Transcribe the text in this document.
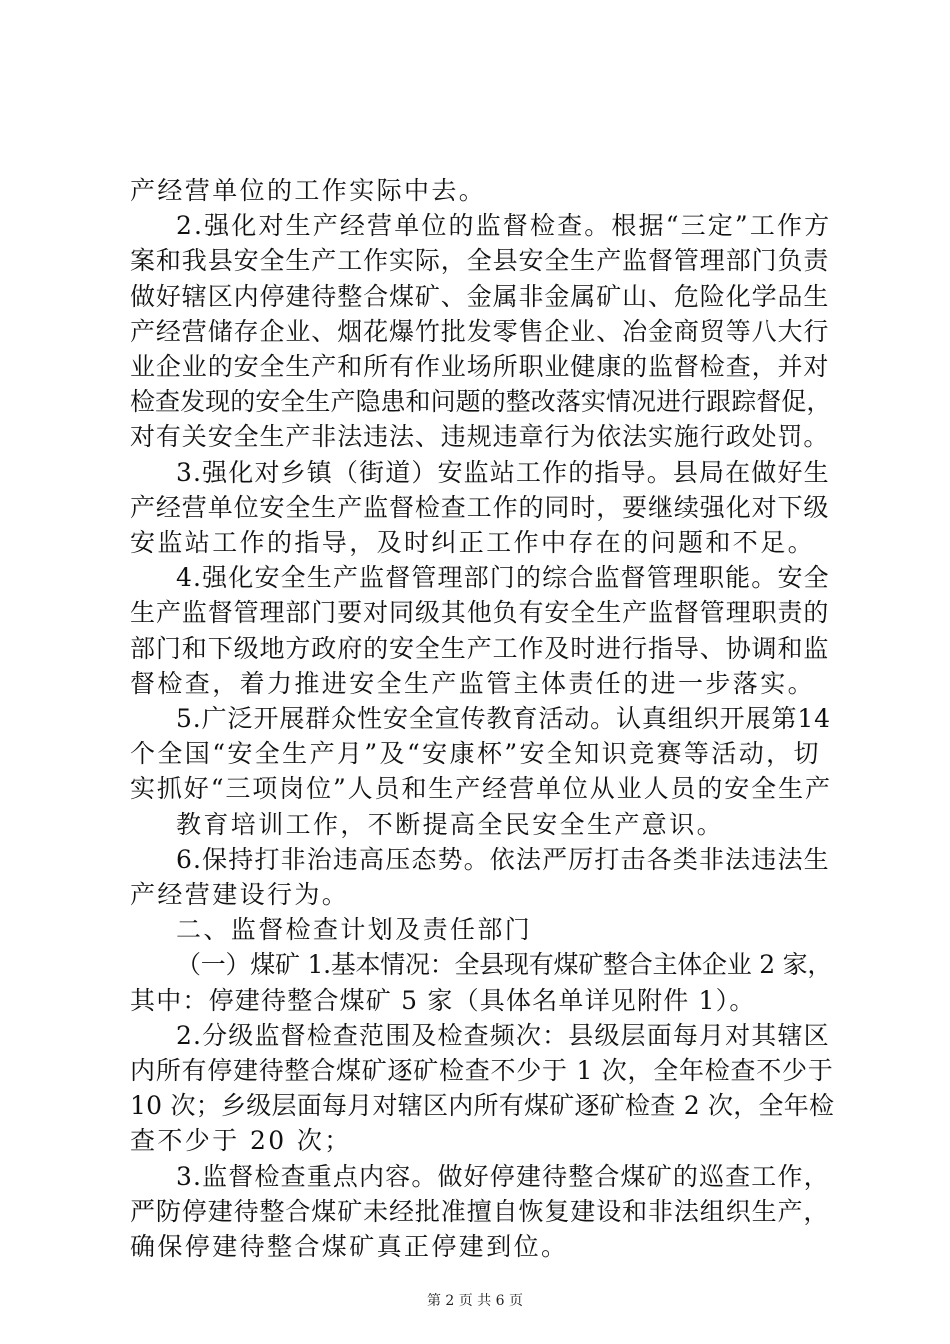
产经营单位的工作实际中去。
2.强化对生产经营单位的监督检查。根据“三定”工作方
案和我县安全生产工作实际，全县安全生产监督管理部门负责
做好辖区内停建待整合煤矿、金属非金属矿山、危险化学品生
产经营储存企业、烟花爆竹批发零售企业、冶金商贸等八大行
业企业的安全生产和所有作业场所职业健康的监督检查，并对
检查发现的安全生产隐患和问题的整改落实情况进行跟踪督促，
对有关安全生产非法违法、违规违章行为依法实施行政处罚。
3.强化对乡镇（街道）安监站工作的指导。县局在做好生
产经营单位安全生产监督检查工作的同时，要继续强化对下级
安监站工作的指导，及时纠正工作中存在的问题和不足。
4.强化安全生产监督管理部门的综合监督管理职能。安全
生产监督管理部门要对同级其他负有安全生产监督管理职责的
部门和下级地方政府的安全生产工作及时进行指导、协调和监
督检查，着力推进安全生产监管主体责任的进一步落实。
5.广泛开展群众性安全宣传教育活动。认真组织开展第14
个全国“安全生产月”及“安康杯”安全知识竞赛等活动，切
实抓好“三项岗位”人员和生产经营单位从业人员的安全生产
教育培训工作，不断提高全民安全生产意识。
6.保持打非治违高压态势。依法严厉打击各类非法违法生
产经营建设行为。
二、监督检查计划及责任部门
（一）煤矿 1.基本情况：全县现有煤矿整合主体企业 2 家，
其中：停建待整合煤矿 5 家（具体名单详见附件 1）。
2.分级监督检查范围及检查频次：县级层面每月对其辖区
内所有停建待整合煤矿逐矿检查不少于 1 次，全年检查不少于
10 次；乡级层面每月对辖区内所有煤矿逐矿检查 2 次，全年检
查不少于 20 次；
3.监督检查重点内容。做好停建待整合煤矿的巡查工作，
严防停建待整合煤矿未经批准擅自恢复建设和非法组织生产，
确保停建待整合煤矿真正停建到位。
第 2 页 共 6 页
